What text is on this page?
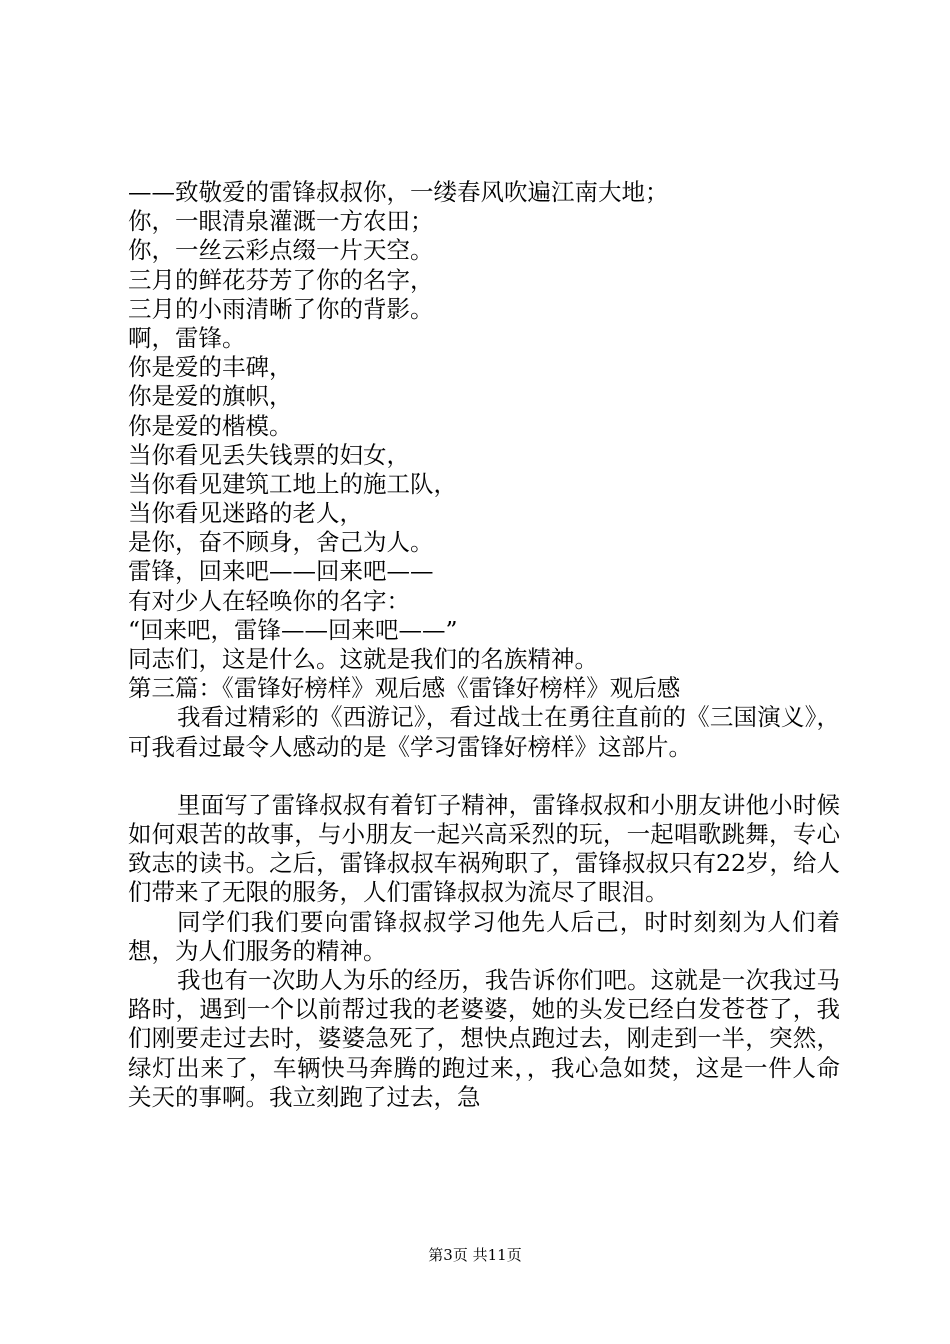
——致敬爱的雷锋叔叔你，一缕春风吹遍江南大地；
你，一眼清泉灌溉一方农田；
你，一丝云彩点缀一片天空。
三月的鲜花芬芳了你的名字，
三月的小雨清晰了你的背影。
啊，雷锋。
你是爱的丰碑，
你是爱的旗帜，
你是爱的楷模。
当你看见丢失钱票的妇女，
当你看见建筑工地上的施工队，
当你看见迷路的老人，
是你，奋不顾身，舍己为人。
雷锋，回来吧——回来吧——
有对少人在轻唤你的名字：
“回来吧，雷锋——回来吧——”
同志们，这是什么。这就是我们的名族精神。
第三篇：《雷锋好榜样》观后感《雷锋好榜样》观后感

我看过精彩的《西游记》，看过战士在勇往直前的《三国演义》，可我看过最令人感动的是《学习雷锋好榜样》这部片。

里面写了雷锋叔叔有着钉子精神，雷锋叔叔和小朋友讲他小时候如何艰苦的故事，与小朋友一起兴高采烈的玩，一起唱歌跳舞，专心致志的读书。之后，雷锋叔叔车祸殉职了，雷锋叔叔只有22岁，给人们带来了无限的服务，人们雷锋叔叔为流尽了眼泪。

同学们我们要向雷锋叔叔学习他先人后己，时时刻刻为人们着想，为人们服务的精神。

我也有一次助人为乐的经历，我告诉你们吧。这就是一次我过马路时，遇到一个以前帮过我的老婆婆，她的头发已经白发苍苍了，我们刚要走过去时，婆婆急死了，想快点跑过去，刚走到一半，突然，绿灯出来了，车辆快马奔腾的跑过来，，我心急如焚，这是一件人命关天的事啊。我立刻跑了过去，急

第3页 共11页
